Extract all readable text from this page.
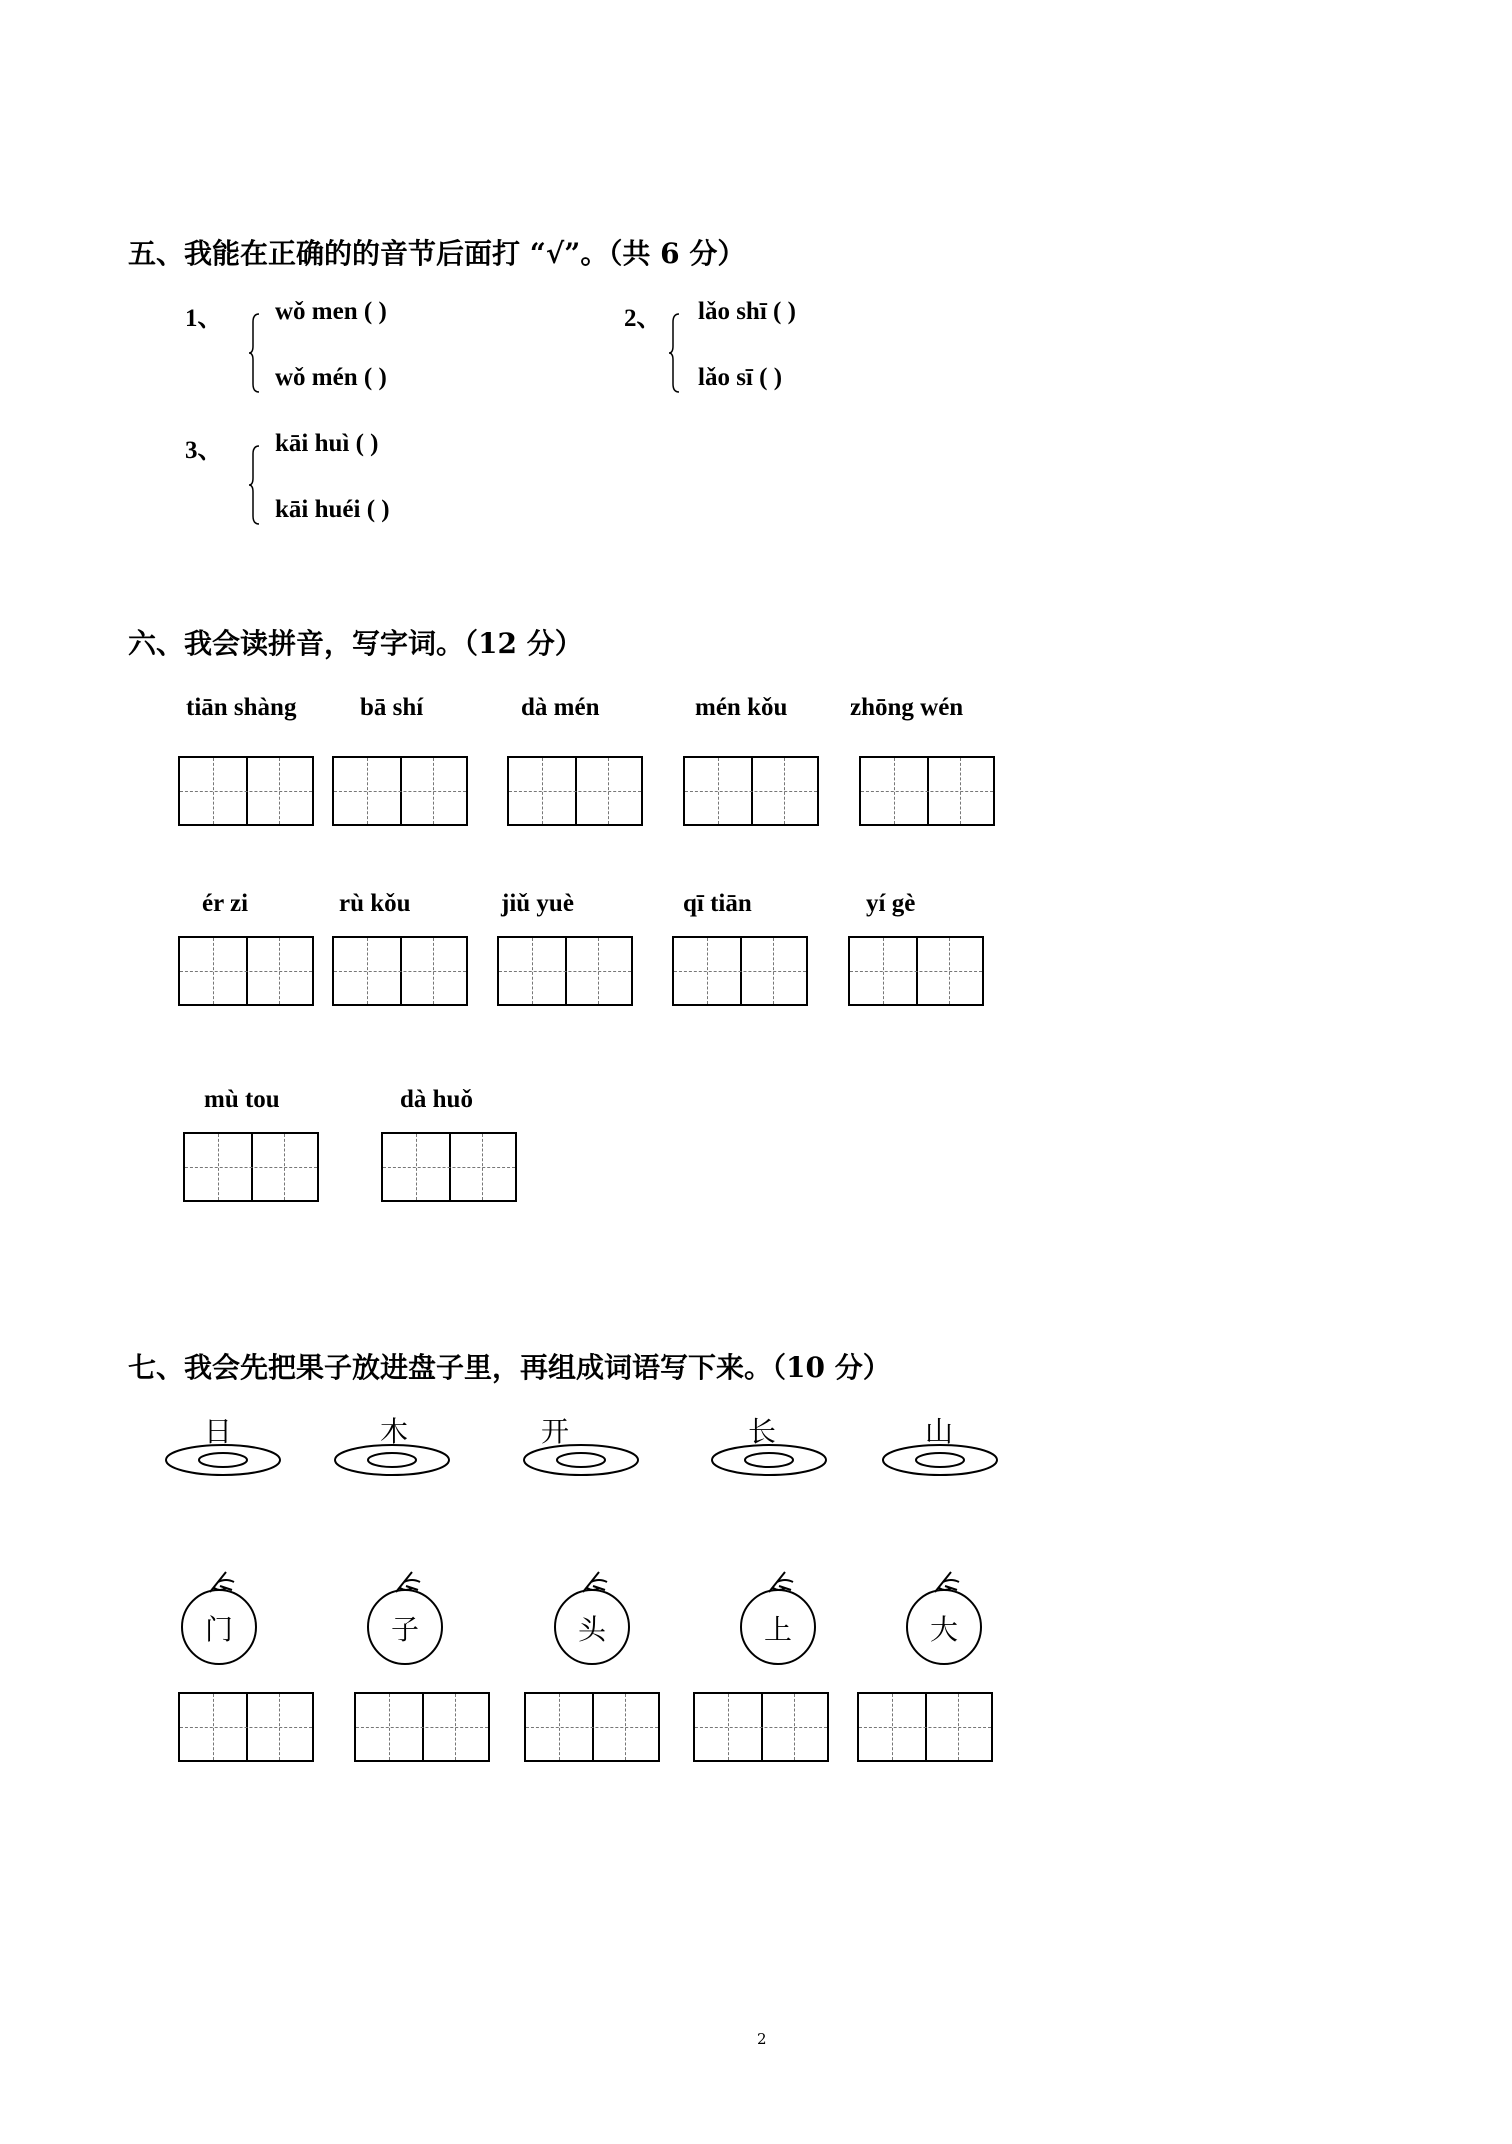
五、我能在正确的的音节后面打 “√”。（共 6 分）
1、 wǒ men ( )
wǒ mén ( )
2、 lǎo shī ( )
lǎo sī ( )
3、 kāi huì ( )
kāi huéi ( )
六、我会读拼音，写字词。（12 分）
tiān shàng	bā shí	dà mén	mén kǒu	zhōng wén
ér zi	rù kǒu	jiǔ yuè	qī tiān	yí gè
mù tou	dà huǒ
七、我会先把果子放进盘子里，再组成词语写下来。（10 分）
日	木	开	长	山
门	子	头	上	大
2
